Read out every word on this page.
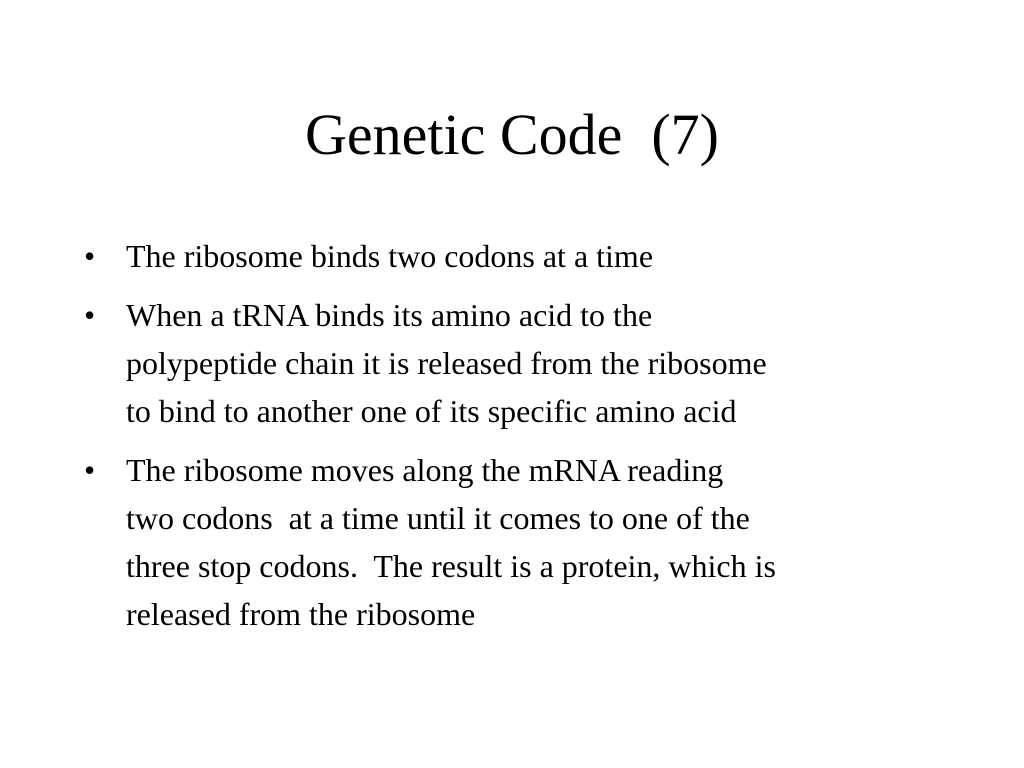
Genetic Code  (7)
• The ribosome binds two codons at a time
• When a tRNA binds its amino acid to the
polypeptide chain it is released from the ribosome
to bind to another one of its specific amino acid
• The ribosome moves along the mRNA reading
two codons  at a time until it comes to one of the
three stop codons.  The result is a protein, which is
released from the ribosome
